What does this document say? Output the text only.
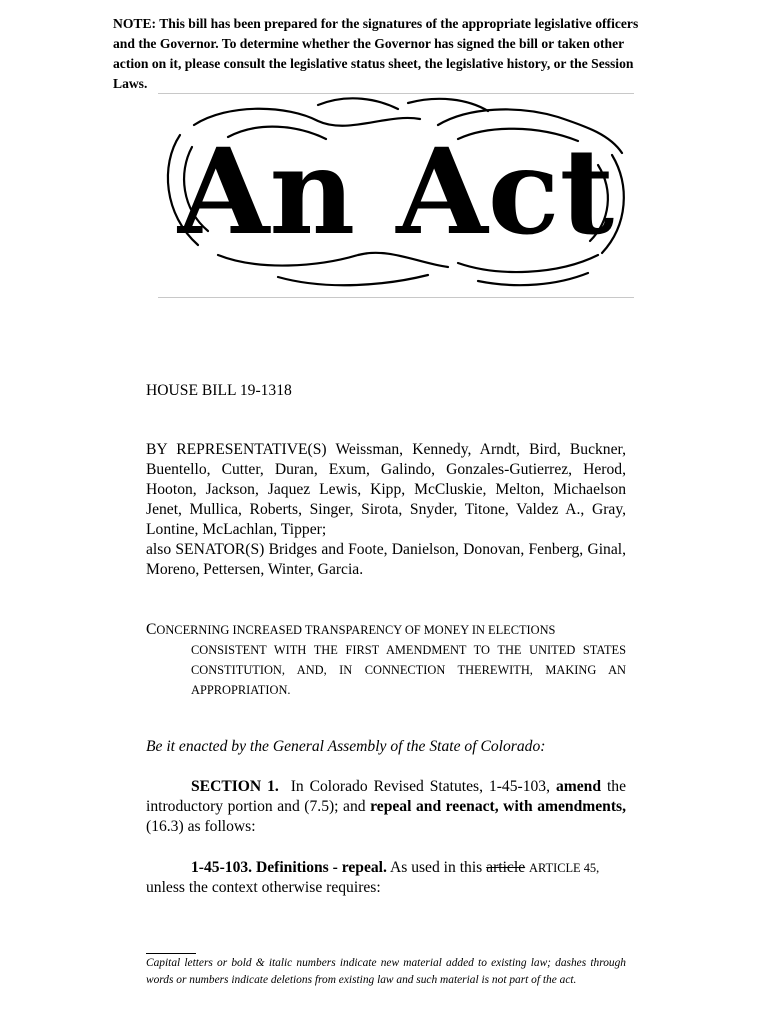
NOTE: This bill has been prepared for the signatures of the appropriate legislative officers and the Governor. To determine whether the Governor has signed the bill or taken other action on it, please consult the legislative status sheet, the legislative history, or the Session Laws.
An Act
HOUSE BILL 19-1318
BY REPRESENTATIVE(S) Weissman, Kennedy, Arndt, Bird, Buckner, Buentello, Cutter, Duran, Exum, Galindo, Gonzales-Gutierrez, Herod, Hooton, Jackson, Jaquez Lewis, Kipp, McCluskie, Melton, Michaelson Jenet, Mullica, Roberts, Singer, Sirota, Snyder, Titone, Valdez A., Gray, Lontine, McLachlan, Tipper;
also SENATOR(S) Bridges and Foote, Danielson, Donovan, Fenberg, Ginal, Moreno, Pettersen, Winter, Garcia.
CONCERNING INCREASED TRANSPARENCY OF MONEY IN ELECTIONS
CONSISTENT WITH THE FIRST AMENDMENT TO THE UNITED STATES CONSTITUTION, AND, IN CONNECTION THEREWITH, MAKING AN APPROPRIATION.
Be it enacted by the General Assembly of the State of Colorado:
SECTION 1. In Colorado Revised Statutes, 1-45-103, amend the introductory portion and (7.5); and repeal and reenact, with amendments, (16.3) as follows:
1-45-103. Definitions - repeal. As used in this article ARTICLE 45, unless the context otherwise requires:
Capital letters or bold & italic numbers indicate new material added to existing law; dashes through words or numbers indicate deletions from existing law and such material is not part of the act.
